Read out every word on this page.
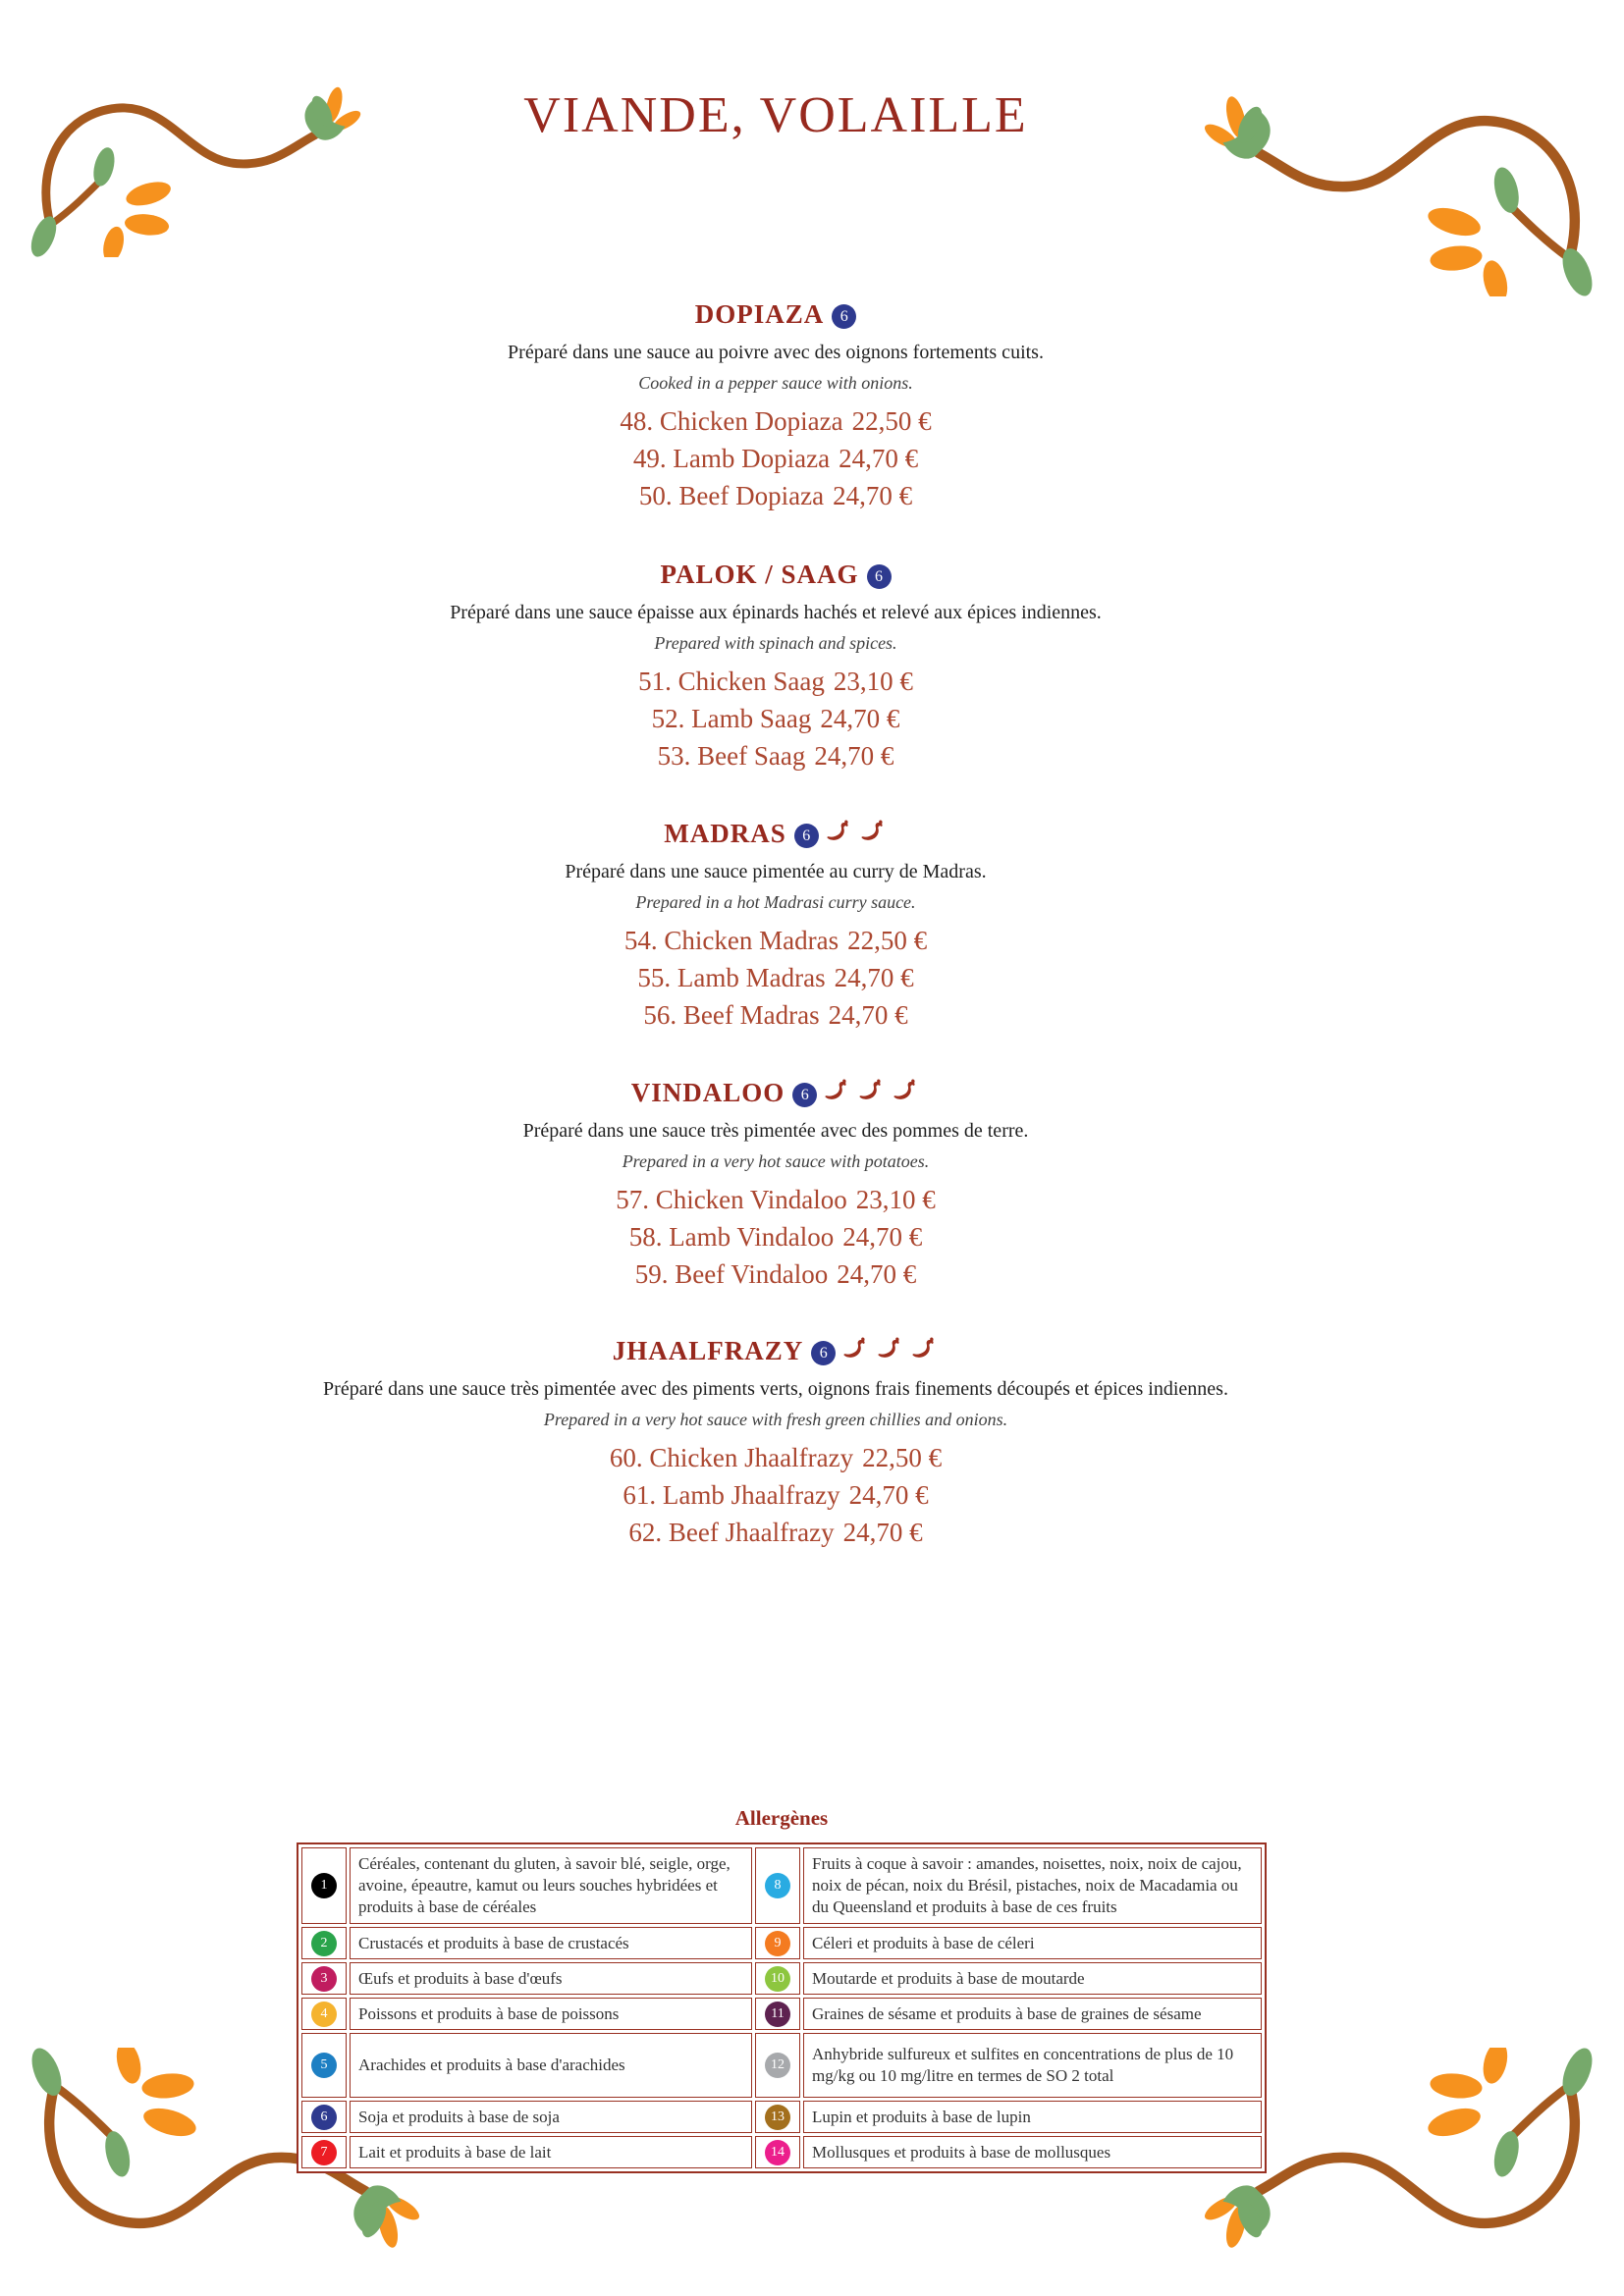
VIANDE, VOLAILLE
DOPIAZA 6

Préparé dans une sauce au poivre avec des oignons fortements cuits.

Cooked in a pepper sauce with onions.

48. Chicken Dopiaza 22,50 €
49. Lamb Dopiaza 24,70 €
50. Beef Dopiaza 24,70 €
PALOK / SAAG 6

Préparé dans une sauce épaisse aux épinards hachés et relevé aux épices indiennes.

Prepared with spinach and spices.

51. Chicken Saag 23,10 €
52. Lamb Saag 24,70 €
53. Beef Saag 24,70 €
MADRAS 6

Préparé dans une sauce pimentée au curry de Madras.

Prepared in a hot Madrasi curry sauce.

54. Chicken Madras 22,50 €
55. Lamb Madras 24,70 €
56. Beef Madras 24,70 €
VINDALOO 6

Préparé dans une sauce très pimentée avec des pommes de terre.

Prepared in a very hot sauce with potatoes.

57. Chicken Vindaloo 23,10 €
58. Lamb Vindaloo 24,70 €
59. Beef Vindaloo 24,70 €
JHAALFRAZY 6

Préparé dans une sauce très pimentée avec des piments verts, oignons frais finements découpés et épices indiennes.

Prepared in a very hot sauce with fresh green chillies and onions.

60. Chicken Jhaalfrazy 22,50 €
61. Lamb Jhaalfrazy 24,70 €
62. Beef Jhaalfrazy 24,70 €
Allergènes
1	Céréales, contenant du gluten, à savoir blé, seigle, orge, avoine, épeautre, kamut ou leurs souches hybridées et produits à base de céréales	8	Fruits à coque à savoir : amandes, noisettes, noix, noix de cajou, noix de pécan, noix du Brésil, pistaches, noix de Macadamia ou du Queensland et produits à base de ces fruits
2	Crustacés et produits à base de crustacés	9	Céleri et produits à base de céleri
3	Œufs et produits à base d'œufs	10	Moutarde et produits à base de moutarde
4	Poissons et produits à base de poissons	11	Graines de sésame et produits à base de graines de sésame
5	Arachides et produits à base d'arachides	12	Anhybride sulfureux et sulfites en concentrations de plus de 10 mg/kg ou 10 mg/litre en termes de SO 2 total
6	Soja et produits à base de soja	13	Lupin et produits à base de lupin
7	Lait et produits à base de lait	14	Mollusques et produits à base de mollusques
